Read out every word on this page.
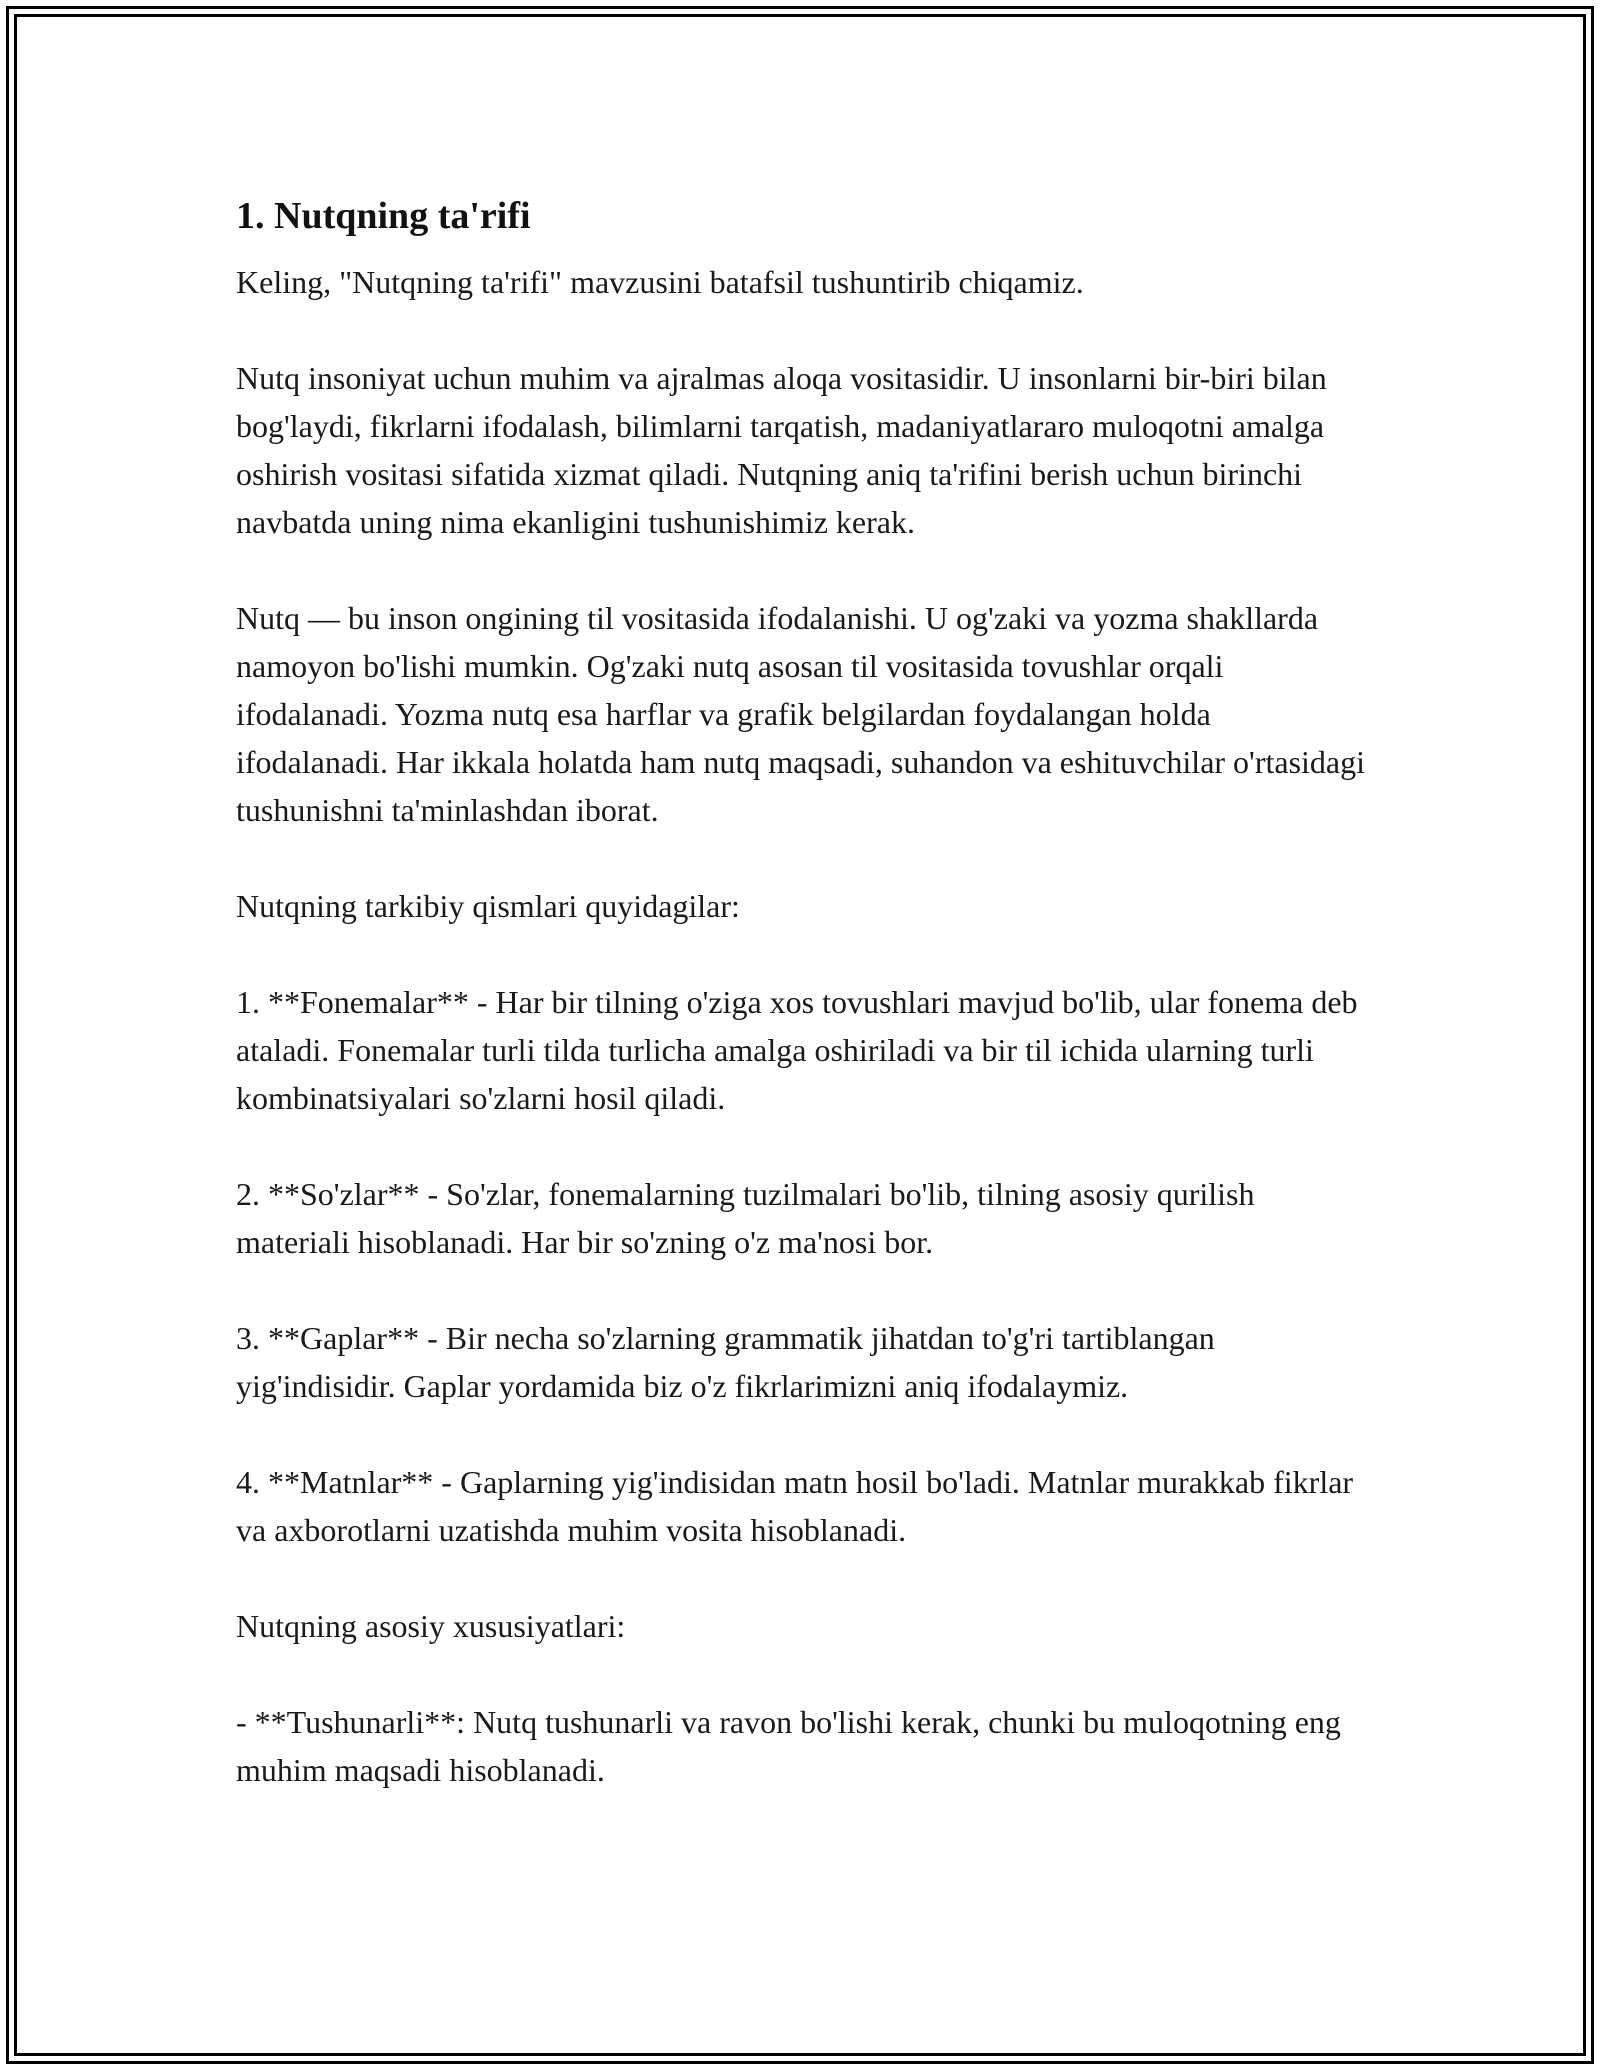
1. Nutqning ta'rifi

Keling, "Nutqning ta'rifi" mavzusini batafsil tushuntirib chiqamiz.

Nutq insoniyat uchun muhim va ajralmas aloqa vositasidir. U insonlarni bir-biri bilan bog'laydi, fikrlarni ifodalash, bilimlarni tarqatish, madaniyatlararo muloqotni amalga oshirish vositasi sifatida xizmat qiladi. Nutqning aniq ta'rifini berish uchun birinchi navbatda uning nima ekanligini tushunishimiz kerak.

Nutq — bu inson ongining til vositasida ifodalanishi. U og'zaki va yozma shakllarda namoyon bo'lishi mumkin. Og'zaki nutq asosan til vositasida tovushlar orqali ifodalanadi. Yozma nutq esa harflar va grafik belgilardan foydalangan holda ifodalanadi. Har ikkala holatda ham nutq maqsadi, suhandon va eshituvchilar o'rtasidagi tushunishni ta'minlashdan iborat.

Nutqning tarkibiy qismlari quyidagilar:

1. **Fonemalar** - Har bir tilning o'ziga xos tovushlari mavjud bo'lib, ular fonema deb ataladi. Fonemalar turli tilda turlicha amalga oshiriladi va bir til ichida ularning turli kombinatsiyalari so'zlarni hosil qiladi.

2. **So'zlar** - So'zlar, fonemalarning tuzilmalari bo'lib, tilning asosiy qurilish materiali hisoblanadi. Har bir so'zning o'z ma'nosi bor.

3. **Gaplar** - Bir necha so'zlarning grammatik jihatdan to'g'ri tartiblangan yig'indisidir. Gaplar yordamida biz o'z fikrlarimizni aniq ifodalaymiz.

4. **Matnlar** - Gaplarning yig'indisidan matn hosil bo'ladi. Matnlar murakkab fikrlar va axborotlarni uzatishda muhim vosita hisoblanadi.

Nutqning asosiy xususiyatlari:

- **Tushunarli**: Nutq tushunarli va ravon bo'lishi kerak, chunki bu muloqotning eng muhim maqsadi hisoblanadi.
